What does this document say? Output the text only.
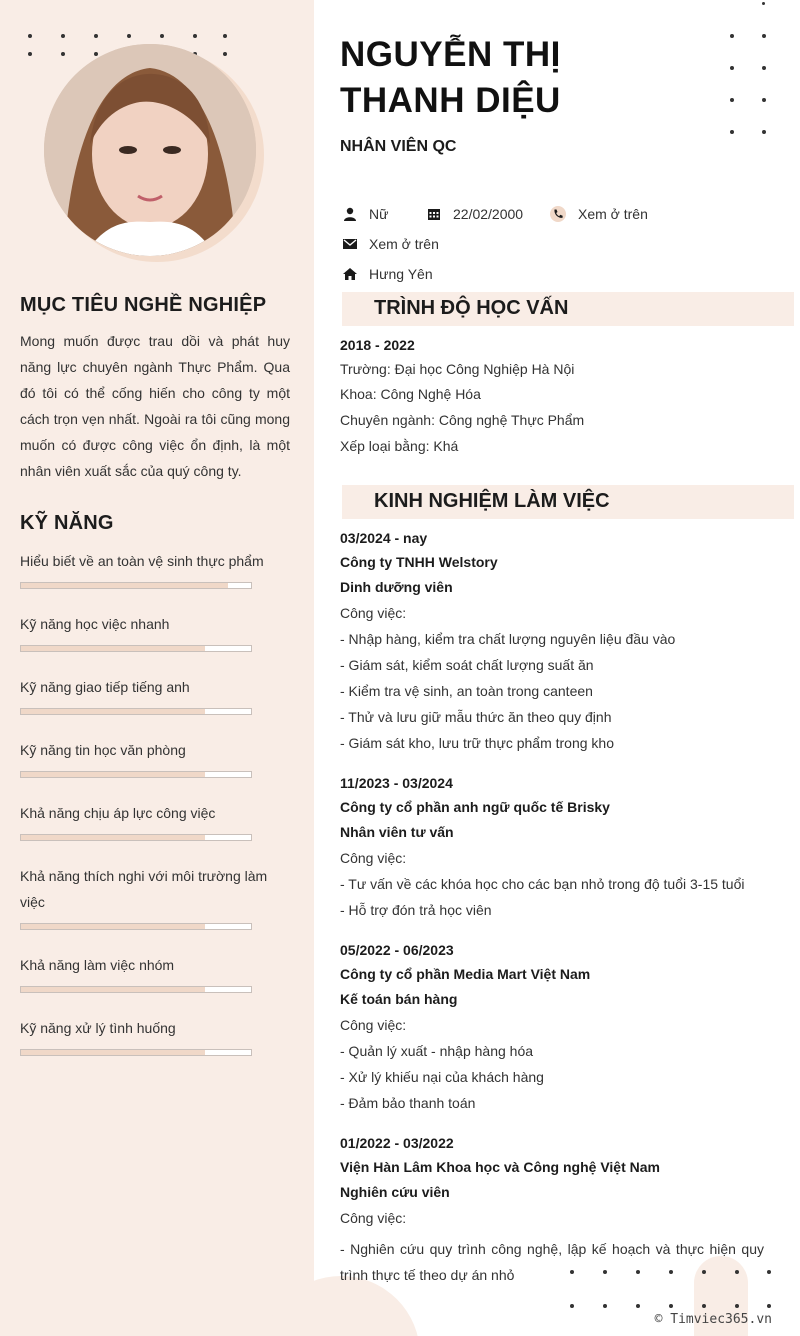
MỤC TIÊU NGHỀ NGHIỆP
Mong muốn được trau dồi và phát huy năng lực chuyên ngành Thực Phẩm. Qua đó tôi có thể cống hiến cho công ty một cách trọn vẹn nhất. Ngoài ra tôi cũng mong muốn có được công việc ổn định, là một nhân viên xuất sắc của quý công ty.
KỸ NĂNG
Hiểu biết về an toàn vệ sinh thực phẩm
Kỹ năng học việc nhanh
Kỹ năng giao tiếp tiếng anh
Kỹ năng tin học văn phòng
Khả năng chịu áp lực công việc
Khả năng thích nghi với môi trường làm việc
Khả năng làm việc nhóm
Kỹ năng xử lý tình huống
NGUYỄN THỊ
THANH DIỆU
NHÂN VIÊN QC
Nữ	22/02/2000	Xem ở trên
Xem ở trên
Hưng Yên
TRÌNH ĐỘ HỌC VẤN
2018 - 2022
Trường: Đại học Công Nghiệp Hà Nội
Khoa: Công Nghệ Hóa
Chuyên ngành: Công nghệ Thực Phẩm
Xếp loại bằng: Khá
KINH NGHIỆM LÀM VIỆC
03/2024 - nay
Công ty TNHH Welstory
Dinh dưỡng viên
Công việc:
- Nhập hàng, kiểm tra chất lượng nguyên liệu đầu vào
- Giám sát, kiểm soát chất lượng suất ăn
- Kiểm tra vệ sinh, an toàn trong canteen
- Thử và lưu giữ mẫu thức ăn theo quy định
- Giám sát kho, lưu trữ thực phẩm trong kho
11/2023 - 03/2024
Công ty cổ phần anh ngữ quốc tế Brisky
Nhân viên tư vấn
Công việc:
- Tư vấn về các khóa học cho các bạn nhỏ trong độ tuổi 3-15 tuổi
- Hỗ trợ đón trả học viên
05/2022 - 06/2023
Công ty cổ phần Media Mart Việt Nam
Kế toán bán hàng
Công việc:
- Quản lý xuất - nhập hàng hóa
- Xử lý khiếu nại của khách hàng
- Đảm bảo thanh toán
01/2022 - 03/2022
Viện Hàn Lâm Khoa học và Công nghệ Việt Nam
Nghiên cứu viên
Công việc:
- Nghiên cứu quy trình công nghệ, lập kế hoạch và thực hiện quy trình thực tế theo dự án nhỏ
© Timviec365.vn
